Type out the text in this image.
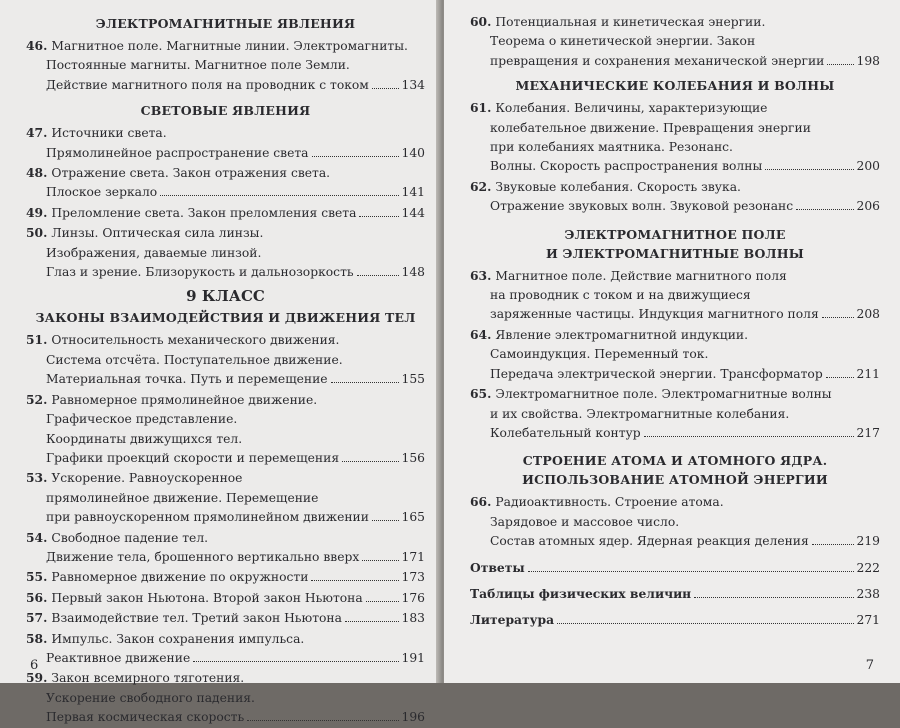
ЭЛЕКТРОМАГНИТНЫЕ ЯВЛЕНИЯ
46. Магнитное поле. Магнитные линии. Электромагниты.
Постоянные магниты. Магнитное поле Земли.
Действие магнитного поля на проводник с током	134
СВЕТОВЫЕ ЯВЛЕНИЯ
47. Источники света.
Прямолинейное распространение света	140
48. Отражение света. Закон отражения света.
Плоское зеркало	141
49. Преломление света. Закон преломления света	144
50. Линзы. Оптическая сила линзы.
Изображения, даваемые линзой.
Глаз и зрение. Близорукость и дальнозоркость	148
9 КЛАСС
ЗАКОНЫ ВЗАИМОДЕЙСТВИЯ И ДВИЖЕНИЯ ТЕЛ
51. Относительность механического движения.
Система отсчёта. Поступательное движение.
Материальная точка. Путь и перемещение	155
52. Равномерное прямолинейное движение.
Графическое представление.
Координаты движущихся тел.
Графики проекций скорости и перемещения	156
53. Ускорение. Равноускоренное
прямолинейное движение. Перемещение
при равноускоренном прямолинейном движении	165
54. Свободное падение тел.
Движение тела, брошенного вертикально вверх	171
55. Равномерное движение по окружности	173
56. Первый закон Ньютона. Второй закон Ньютона	176
57. Взаимодействие тел. Третий закон Ньютона	183
58. Импульс. Закон сохранения импульса.
Реактивное движение	191
59. Закон всемирного тяготения.
Ускорение свободного падения.
Первая космическая скорость	196
6
60. Потенциальная и кинетическая энергии.
Теорема о кинетической энергии. Закон
превращения и сохранения механической энергии	198
МЕХАНИЧЕСКИЕ КОЛЕБАНИЯ И ВОЛНЫ
61. Колебания. Величины, характеризующие
колебательное движение. Превращения энергии
при колебаниях маятника. Резонанс.
Волны. Скорость распространения волны	200
62. Звуковые колебания. Скорость звука.
Отражение звуковых волн. Звуковой резонанс	206
ЭЛЕКТРОМАГНИТНОЕ ПОЛЕ
И ЭЛЕКТРОМАГНИТНЫЕ ВОЛНЫ
63. Магнитное поле. Действие магнитного поля
на проводник с током и на движущиеся
заряженные частицы. Индукция магнитного поля	208
64. Явление электромагнитной индукции.
Самоиндукция. Переменный ток.
Передача электрической энергии. Трансформатор	211
65. Электромагнитное поле. Электромагнитные волны
и их свойства. Электромагнитные колебания.
Колебательный контур	217
СТРОЕНИЕ АТОМА И АТОМНОГО ЯДРА.
ИСПОЛЬЗОВАНИЕ АТОМНОЙ ЭНЕРГИИ
66. Радиоактивность. Строение атома.
Зарядовое и массовое число.
Состав атомных ядер. Ядерная реакция деления	219
Ответы	222
Таблицы физических величин	238
Литература	271
7
